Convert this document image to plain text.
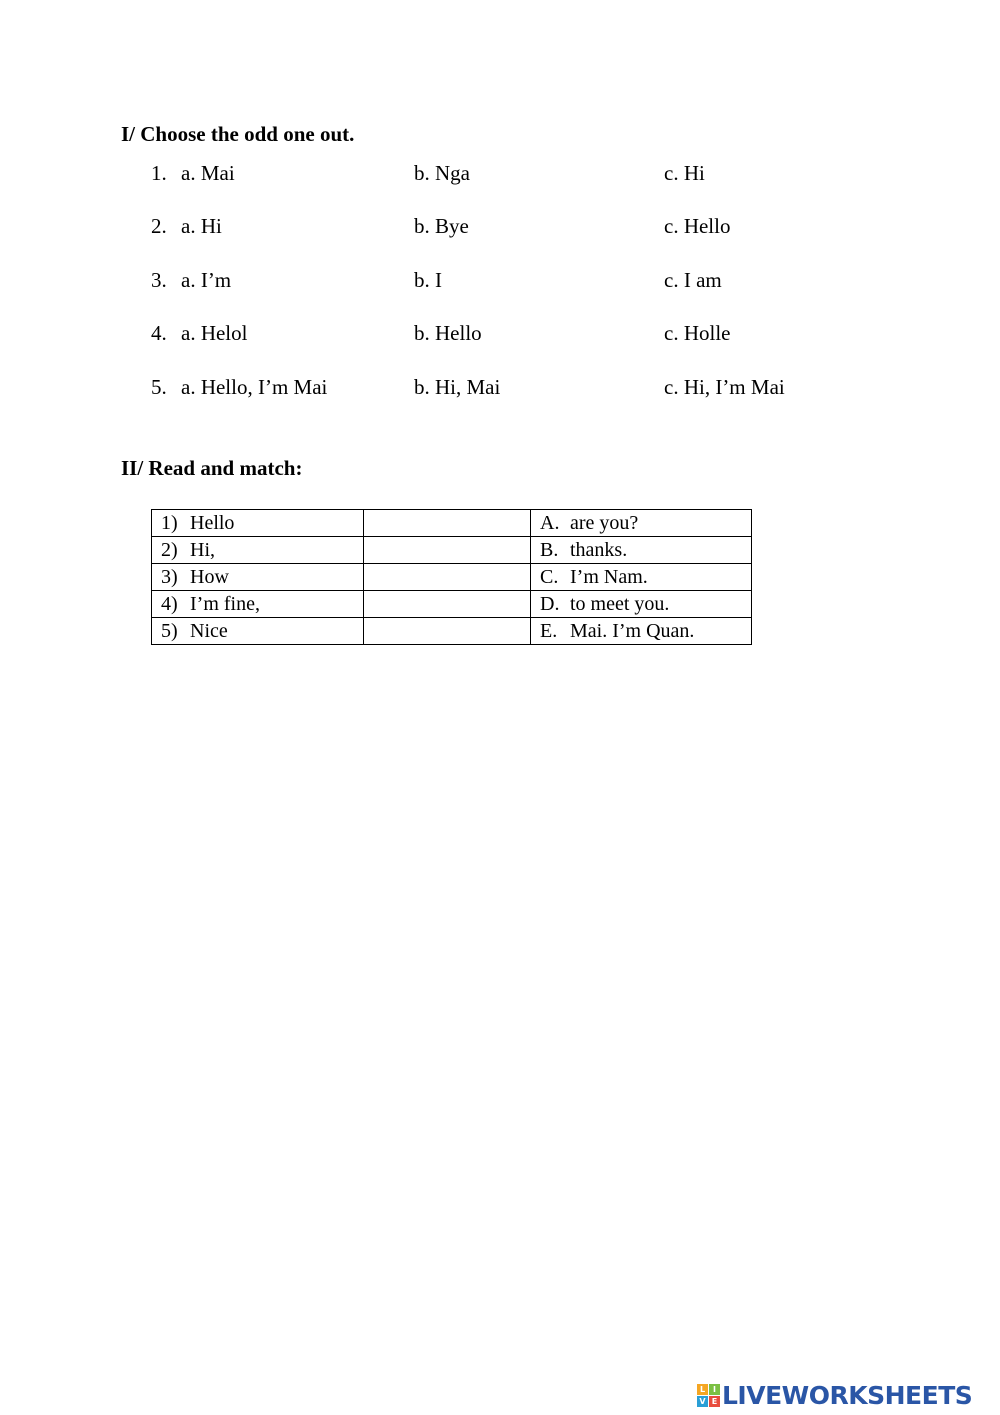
I/ Choose the odd one out.
1. a. Mai	b. Nga	c. Hi
2. a. Hi	b. Bye	c. Hello
3. a. I’m	b. I	c. I am
4. a. Helol	b. Hello	c. Holle
5. a. Hello, I’m Mai	b. Hi, Mai	c. Hi, I’m Mai
II/ Read and match:
1) Hello		A. are you?
2) Hi,		B. thanks.
3) How		C. I’m Nam.
4) I’m fine,		D. to meet you.
5) Nice		E. Mai. I’m Quan.
L I
V E LIVEWORKSHEETS
